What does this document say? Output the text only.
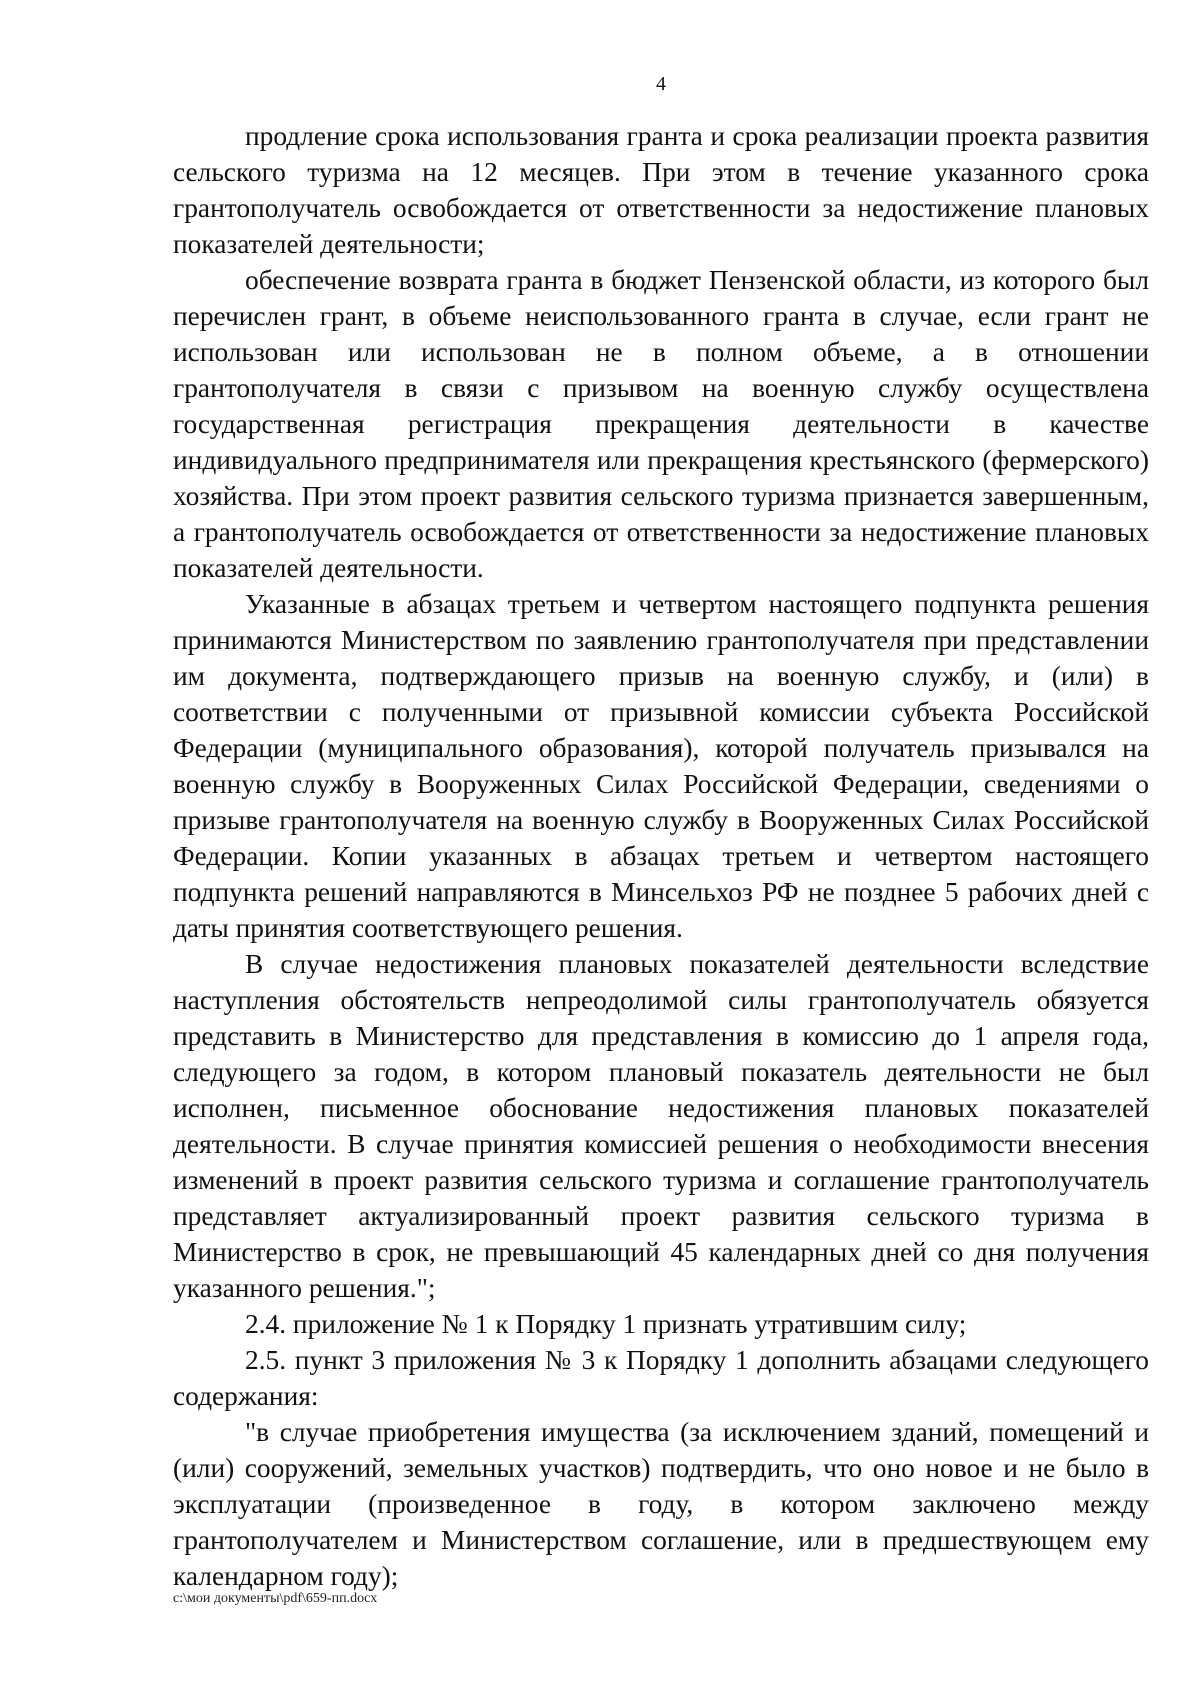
4

продление срока использования гранта и срока реализации проекта развития сельского туризма на 12 месяцев. При этом в течение указанного срока грантополучатель освобождается от ответственности за недостижение плановых показателей деятельности;

обеспечение возврата гранта в бюджет Пензенской области, из которого был перечислен грант, в объеме неиспользованного гранта в случае, если грант не использован или использован не в полном объеме, а в отношении грантополучателя в связи с призывом на военную службу осуществлена государственная регистрация прекращения деятельности в качестве индивидуального предпринимателя или прекращения крестьянского (фермерского) хозяйства. При этом проект развития сельского туризма признается завершенным, а грантополучатель освобождается от ответственности за недостижение плановых показателей деятельности.

Указанные в абзацах третьем и четвертом настоящего подпункта решения принимаются Министерством по заявлению грантополучателя при представлении им документа, подтверждающего призыв на военную службу, и (или) в соответствии с полученными от призывной комиссии субъекта Российской Федерации (муниципального образования), которой получатель призывался на военную службу в Вооруженных Силах Российской Федерации, сведениями о призыве грантополучателя на военную службу в Вооруженных Силах Российской Федерации. Копии указанных в абзацах третьем и четвертом настоящего подпункта решений направляются в Минсельхоз РФ не позднее 5 рабочих дней с даты принятия соответствующего решения.

В случае недостижения плановых показателей деятельности вследствие наступления обстоятельств непреодолимой силы грантополучатель обязуется представить в Министерство для представления в комиссию до 1 апреля года, следующего за годом, в котором плановый показатель деятельности не был исполнен, письменное обоснование недостижения плановых показателей деятельности. В случае принятия комиссией решения о необходимости внесения изменений в проект развития сельского туризма и соглашение грантополучатель представляет актуализированный проект развития сельского туризма в Министерство в срок, не превышающий 45 календарных дней со дня получения указанного решения.";

2.4. приложение № 1 к Порядку 1 признать утратившим силу;

2.5. пункт 3 приложения № 3 к Порядку 1 дополнить абзацами следующего содержания:

"в случае приобретения имущества (за исключением зданий, помещений и (или) сооружений, земельных участков) подтвердить, что оно новое и не было в эксплуатации (произведенное в году, в котором заключено между грантополучателем и Министерством соглашение, или в предшествующем ему календарном году);

c:\мои документы\pdf\659-пп.docx
